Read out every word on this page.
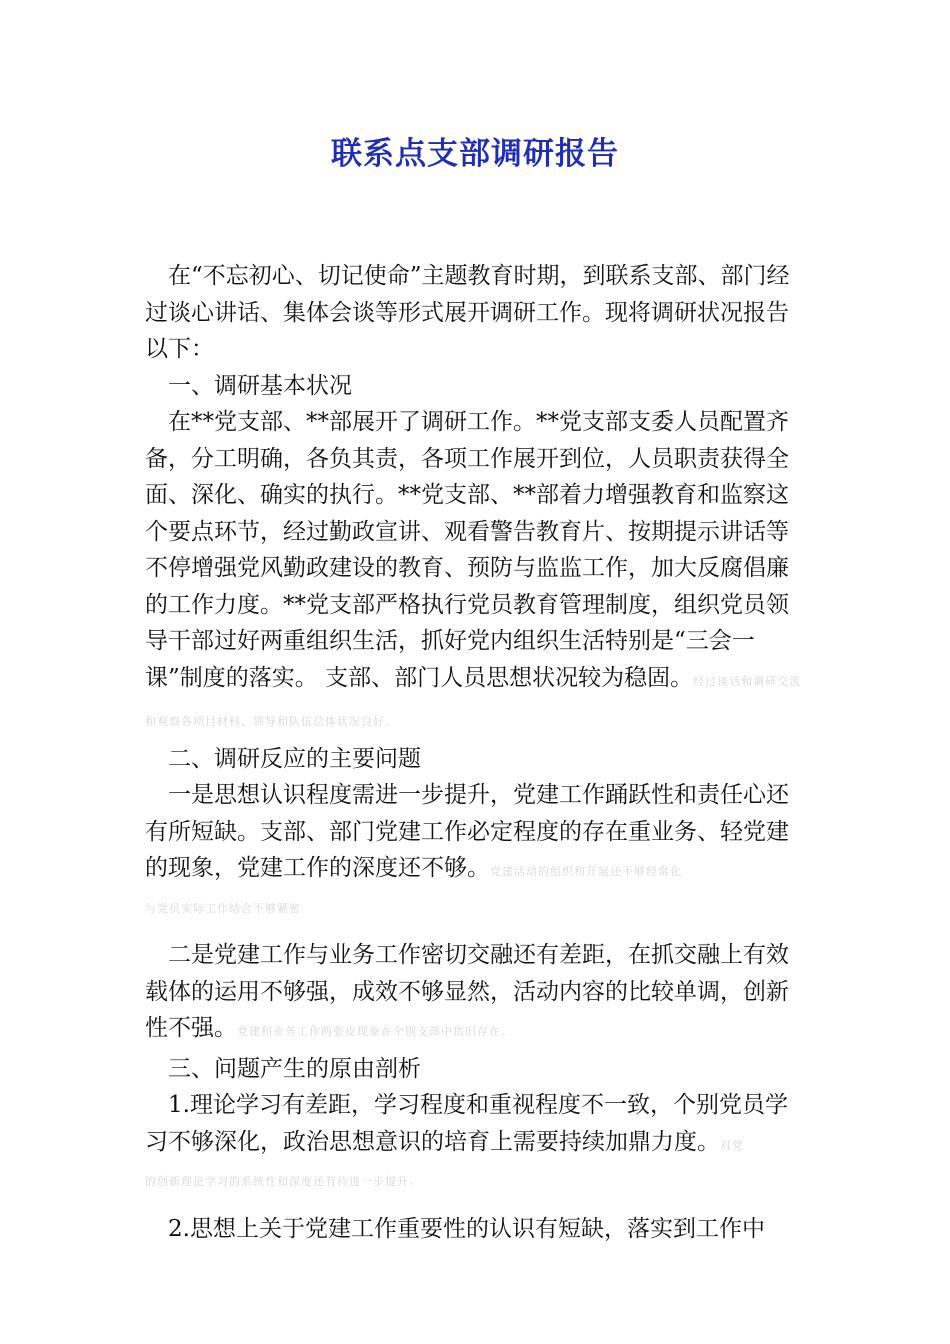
联系点支部调研报告

在“不忘初心、切记使命”主题教育时期，到联系支部、部门经过谈心讲话、集体会谈等形式展开调研工作。现将调研状况报告以下：

一、调研基本状况

在**党支部、**部展开了调研工作。**党支部支委人员配置齐备，分工明确，各负其责，各项工作展开到位，人员职责获得全面、深化、确实的执行。**党支部、**部着力增强教育和监察这个要点环节，经过勤政宣讲、观看警告教育片、按期提示讲话等不停增强党风勤政建设的教育、预防与监监工作，加大反腐倡廉的工作力度。**党支部严格执行党员教育管理制度，组织党员领导干部过好两重组织生活，抓好党内组织生活特别是“三会一课”制度的落实。 支部、部门人员思想状况较为稳固。经过谈话和调研交流和观察各项目材料，领导和队伍总体状况良好。

二、调研反应的主要问题

一是思想认识程度需进一步提升，党建工作踊跃性和责任心还有所短缺。支部、部门党建工作必定程度的存在重业务、轻党建的现象，党建工作的深度还不够。党建活动的组织和开展还不够经常化

与党员实际工作结合不够紧密

二是党建工作与业务工作密切交融还有差距，在抓交融上有效载体的运用不够强，成效不够显然，活动内容的比较单调，创新性不强。党建和业务工作两张皮现象在个别支部中依旧存在。

三、问题产生的原由剖析

1.理论学习有差距，学习程度和重视程度不一致，个别党员学习不够深化，政治思想意识的培育上需要持续加鼎力度。对党

的创新理论学习的系统性和深度还有待进一步提升。

2.思想上关于党建工作重要性的认识有短缺，落实到工作中
